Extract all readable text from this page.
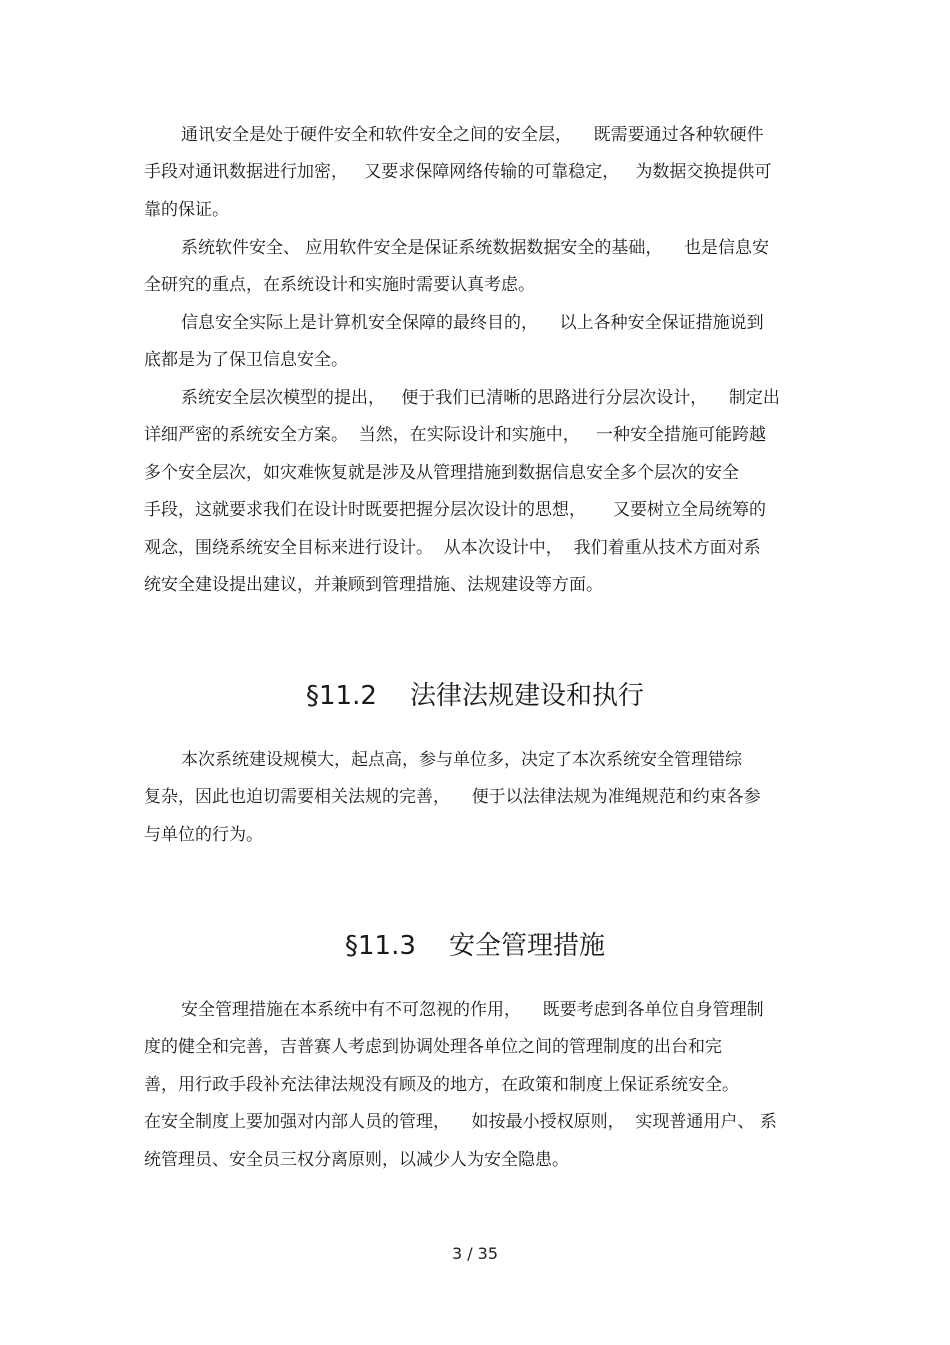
通讯安全是处于硬件安全和软件安全之间的安全层，    既需要通过各种软硬件
手段对通讯数据进行加密，   又要求保障网络传输的可靠稳定，   为数据交换提供可
靠的保证。
系统软件安全、 应用软件安全是保证系统数据数据安全的基础，    也是信息安
全研究的重点，在系统设计和实施时需要认真考虑。
信息安全实际上是计算机安全保障的最终目的，    以上各种安全保证措施说到
底都是为了保卫信息安全。
系统安全层次模型的提出，   便于我们已清晰的思路进行分层次设计，    制定出
详细严密的系统安全方案。  当然，在实际设计和实施中，   一种安全措施可能跨越
多个安全层次，如灾难恢复就是涉及从管理措施到数据信息安全多个层次的安全
手段，这就要求我们在设计时既要把握分层次设计的思想，     又要树立全局统筹的
观念，围绕系统安全目标来进行设计。  从本次设计中，  我们着重从技术方面对系
统安全建设提出建议，并兼顾到管理措施、法规建设等方面。
§11.2    法律法规建设和执行
本次系统建设规模大，起点高，参与单位多，决定了本次系统安全管理错综
复杂，因此也迫切需要相关法规的完善，    便于以法律法规为准绳规范和约束各参
与单位的行为。
§11.3    安全管理措施
安全管理措施在本系统中有不可忽视的作用，    既要考虑到各单位自身管理制
度的健全和完善，吉普赛人考虑到协调处理各单位之间的管理制度的出台和完
善，用行政手段补充法律法规没有顾及的地方，在政策和制度上保证系统安全。
在安全制度上要加强对内部人员的管理，    如按最小授权原则，  实现普通用户、 系
统管理员、安全员三权分离原则，以减少人为安全隐患。
3 / 35
